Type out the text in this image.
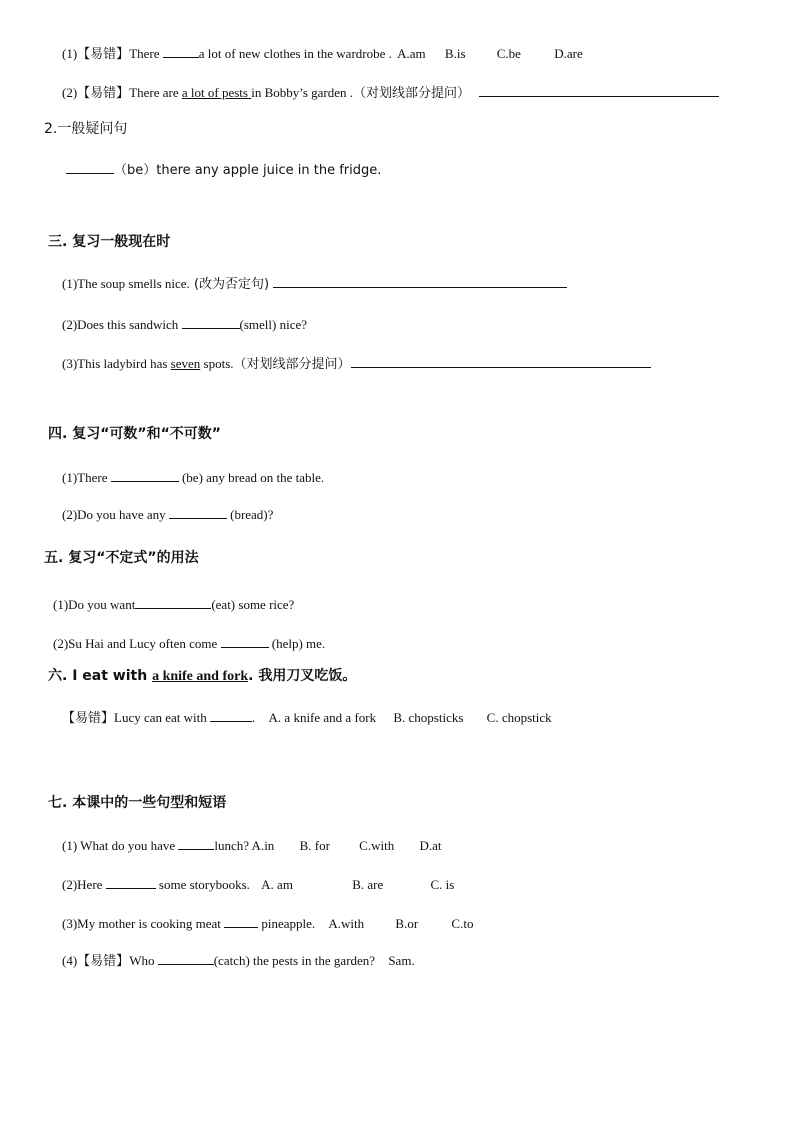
(1)【易错】There	a lot of new clothes in the wardrobe . A.am B.is C.be	D.are
(2)【易错】There are a lot of pests in Bobby’s garden .（对划线部分提问）
2.一般疑问句
（be）there any apple juice in the fridge.
三. 复习一般现在时
(1)The soup smells nice. (改为否定句)
(2)Does this sandwich	(smell) nice?
(3)This ladybird has seven spots.（对划线部分提问）
四. 复习“可数”和“不可数”
(1)There	(be) any bread on the table.
(2)Do you have any	(bread)?
五. 复习“不定式”的用法
(1)Do you want	(eat) some rice?
(2)Su Hai and Lucy often come	(help) me.
六. I eat with a knife and fork. 我用刀叉吃饭。
【易错】Lucy can eat with	. A. a knife and a fork B. chopsticks C. chopstick
七. 本课中的一些句型和短语
(1) What do you have	lunch? A.in B. for C.with D.at
(2)Here	some storybooks. A. am	B. are	C. is
(3)My mother is cooking meat	pineapple. A.with B.or	C.to
(4)【易错】Who	(catch) the pests in the garden? Sam.
